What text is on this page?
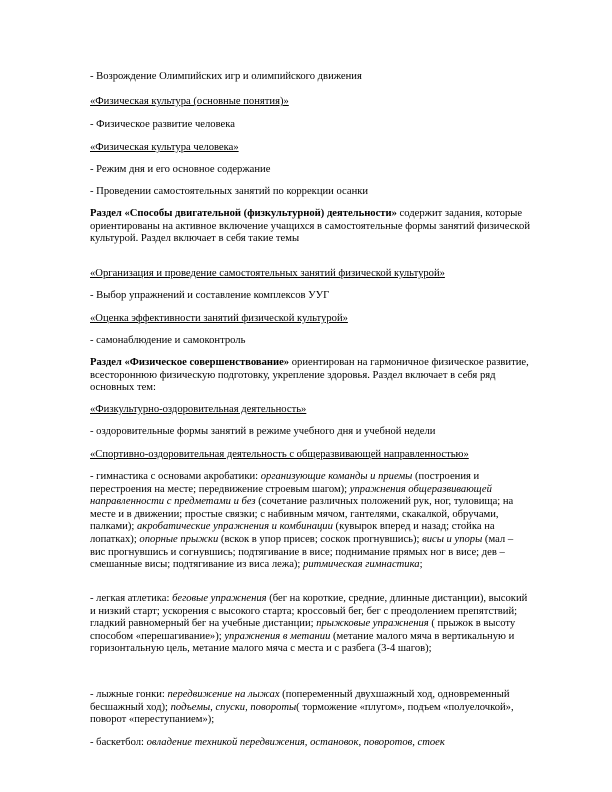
- Возрождение Олимпийских игр и олимпийского движения

«Физическая культура (основные понятия)»

- Физическое развитие человека

«Физическая культура человека»

- Режим дня и его основное содержание

- Проведении самостоятельных занятий по коррекции осанки

Раздел «Способы двигательной (физкультурной) деятельности» содержит задания, которые ориентированы на активное включение учащихся в самостоятельные формы занятий физической культурой. Раздел включает в себя такие темы

«Организация и проведение самостоятельных занятий физической культурой»

- Выбор упражнений и составление комплексов УУГ

«Оценка эффективности занятий физической культурой»

- самонаблюдение и самоконтроль

Раздел «Физическое совершенствование» ориентирован на гармоничное физическое развитие, всестороннюю физическую подготовку, укрепление здоровья. Раздел включает в себя ряд основных тем:

«Физкультурно-оздоровительная деятельность»

- оздоровительные формы занятий в режиме учебного дня и учебной недели

«Спортивно-оздоровительная деятельность с общеразвивающей направленностью»

- гимнастика с основами акробатики: организующие команды и приемы (построения и перестроения на месте; передвижение строевым шагом); упражнения общеразвивающей направленности с предметами и без (сочетание различных положений рук, ног, туловища; на месте и в движении; простые связки; с набивным мячом, гантелями, скакалкой, обручами, палками); акробатические упражнения и комбинации (кувырок вперед и назад; стойка на лопатках); опорные прыжки (вскок в упор присев; соскок прогнувшись); висы и упоры (мал – вис прогнувшись и согнувшись; подтягивание в висе; поднимание прямых ног в висе; дев – смешанные висы; подтягивание из виса лежа); ритмическая гимнастика;

- легкая атлетика: беговые упражнения (бег на короткие, средние, длинные дистанции), высокий и низкий старт; ускорения с высокого старта; кроссовый бег, бег с преодолением препятствий; гладкий равномерный бег на учебные дистанции; прыжковые упражнения ( прыжок в высоту способом «перешагивание»); упражнения в метании (метание малого мяча в вертикальную и горизонтальную цель, метание малого мяча с места и с разбега (3-4 шагов);

- лыжные гонки: передвижение на лыжах (попеременный двухшажный ход, одновременный бесшажный ход); подъемы, спуски, повороты( торможение «плугом», подъем «полуелочкой», поворот «переступанием»);

- баскетбол: овладение техникой передвижения, остановок, поворотов, стоек
